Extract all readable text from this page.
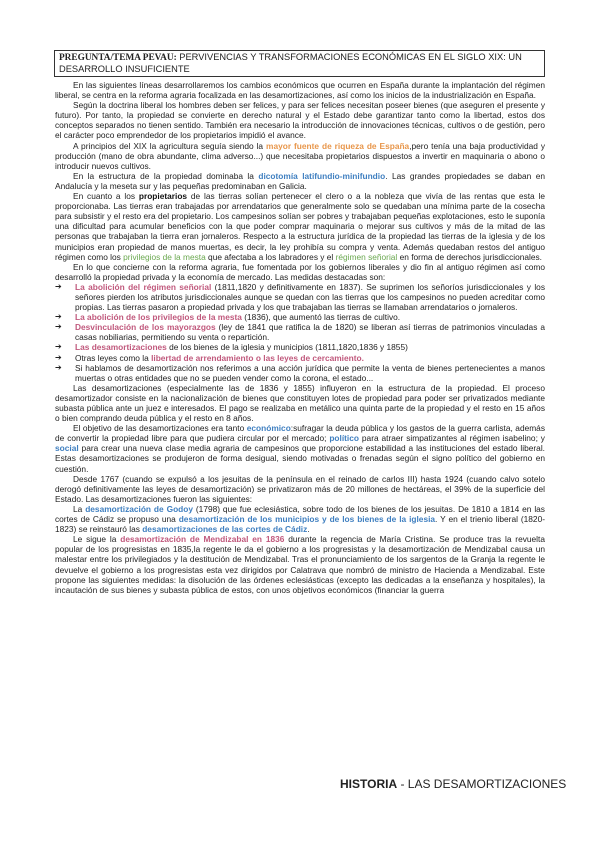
PREGUNTA/TEMA PEVAU: PERVIVENCIAS Y TRANSFORMACIONES ECONÓMICAS EN EL SIGLO XIX: UN DESARROLLO INSUFICIENTE

En las siguientes líneas desarrollaremos los cambios económicos que ocurren en España durante la implantación del régimen liberal, se centra en la reforma agraria focalizada en las desamortizaciones, así como los inicios de la industrialización en España.

Según la doctrina liberal los hombres deben ser felices, y para ser felices necesitan poseer bienes (que aseguren el presente y futuro). Por tanto, la propiedad se convierte en derecho natural y el Estado debe garantizar tanto como la libertad, estos dos conceptos separados no tienen sentido. También era necesario la introducción de innovaciones técnicas, cultivos o de gestión, pero el carácter poco emprendedor de los propietarios impidió el avance.

A principios del XIX la agricultura seguía siendo la mayor fuente de riqueza de España,pero tenía una baja productividad y producción (mano de obra abundante, clima adverso...) que necesitaba propietarios dispuestos a invertir en maquinaria o abono o introducir nuevos cultivos.

En la estructura de la propiedad dominaba la dicotomía latifundio-minifundio. Las grandes propiedades se daban en Andalucía y la meseta sur y las pequeñas predominaban en Galicia.

En cuanto a los propietarios de las tierras solían pertenecer el clero o a la nobleza que vivía de las rentas que esta le proporcionaba. Las tierras eran trabajadas por arrendatarios que generalmente solo se quedaban una mínima parte de la cosecha para subsistir y el resto era del propietario. Los campesinos solían ser pobres y trabajaban pequeñas explotaciones, esto le suponía una dificultad para acumular beneficios con la que poder comprar maquinaria o mejorar sus cultivos y más de la mitad de las personas que trabajaban la tierra eran jornaleros. Respecto a la estructura jurídica de la propiedad las tierras de la iglesia y de los municipios eran propiedad de manos muertas, es decir, la ley prohibía su compra y venta. Además quedaban restos del antiguo régimen como los privilegios de la mesta que afectaba a los labradores y el régimen señorial en forma de derechos jurisdiccionales.

En lo que concierne con la reforma agraria, fue fomentada por los gobiernos liberales y dio fin al antiguo régimen así como desarrolló la propiedad privada y la economía de mercado. Las medidas destacadas son:

➔ La abolición del régimen señorial (1811,1820 y definitivamente en 1837). Se suprimen los señoríos jurisdiccionales y los señores pierden los atributos jurisdiccionales aunque se quedan con las tierras que los campesinos no pueden acreditar como propias. Las tierras pasaron a propiedad privada y los que trabajaban las tierras se llamaban arrendatarios o jornaleros.
➔ La abolición de los privilegios de la mesta (1836), que aumentó las tierras de cultivo.
➔ Desvinculación de los mayorazgos (ley de 1841 que ratifica la de 1820) se liberan así tierras de patrimonios vinculadas a casas nobiliarias, permitiendo su venta o repartición.
➔ Las desamortizaciones de los bienes de la iglesia y municipios (1811,1820,1836 y 1855)
➔ Otras leyes como la libertad de arrendamiento o las leyes de cercamiento.
➔ Si hablamos de desamortización nos referimos a una acción jurídica que permite la venta de bienes pertenecientes a manos muertas o otras entidades que no se pueden vender como la corona, el estado...

Las desamortizaciones (especialmente las de 1836 y 1855) influyeron en la estructura de la propiedad. El proceso desamortizador consiste en la nacionalización de bienes que constituyen lotes de propiedad para poder ser privatizados mediante subasta pública ante un juez e interesados. El pago se realizaba en metálico una quinta parte de la propiedad y el resto en 15 años o bien comprando deuda pública y el resto en 8 años.

El objetivo de las desamortizaciones era tanto económico:sufragar la deuda pública y los gastos de la guerra carlista, además de convertir la propiedad libre para que pudiera circular por el mercado; político para atraer simpatizantes al régimen isabelino; y social para crear una nueva clase media agraria de campesinos que proporcione estabilidad a las instituciones del estado liberal. Estas desamortizaciones se produjeron de forma desigual, siendo motivadas o frenadas según el signo político del gobierno en cuestión.

Desde 1767 (cuando se expulsó a los jesuitas de la península en el reinado de carlos III) hasta 1924 (cuando calvo sotelo derogó definitivamente las leyes de desamortización) se privatizaron más de 20 millones de hectáreas, el 39% de la superficie del Estado. Las desamortizaciones fueron las siguientes:

La desamortización de Godoy (1798) que fue eclesiástica, sobre todo de los bienes de los jesuitas. De 1810 a 1814 en las cortes de Cádiz se propuso una desamortización de los municipios y de los bienes de la iglesia. Y en el trienio liberal (1820-1823) se reinstauró las desamortizaciones de las cortes de Cádiz.

Le sigue la desamortización de Mendizabal en 1836 durante la regencia de María Cristina. Se produce tras la revuelta popular de los progresistas en 1835,la regente le da el gobierno a los progresistas y la desamortización de Mendizabal causa un malestar entre los privilegiados y la destitución de Mendizabal. Tras el pronunciamiento de los sargentos de la Granja la regente le devuelve el gobierno a los progresistas esta vez dirigidos por Calatrava que nombró de ministro de Hacienda a Mendizabal. Este propone las siguientes medidas: la disolución de las órdenes eclesiásticas (excepto las dedicadas a la enseñanza y hospitales), la incautación de sus bienes y subasta pública de estos, con unos objetivos económicos (financiar la guerra

HISTORIA - LAS DESAMORTIZACIONES
